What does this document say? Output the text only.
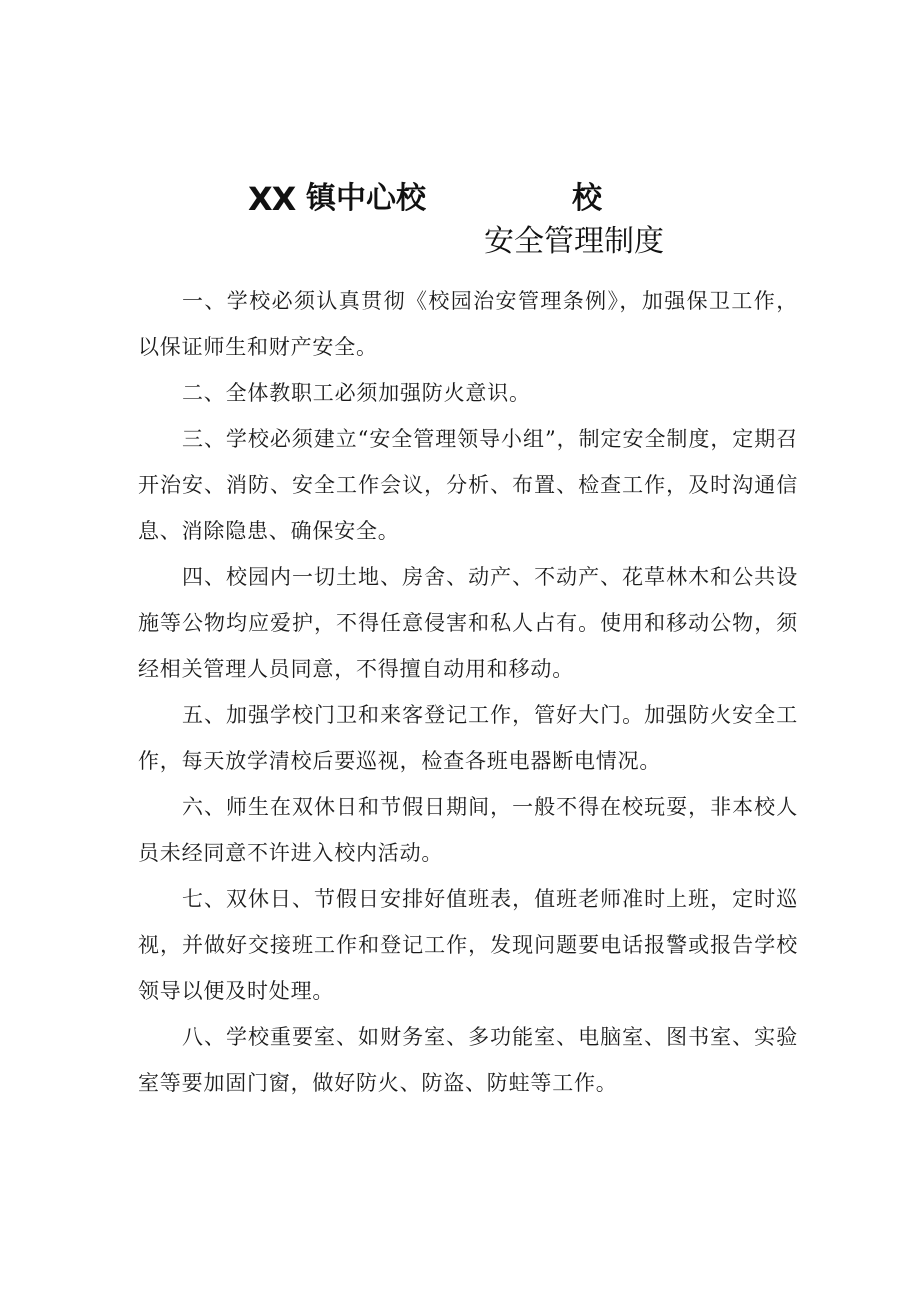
XX 镇中心校	校
安全管理制度

一、学校必须认真贯彻《校园治安管理条例》，加强保卫工作，以保证师生和财产安全。

二、全体教职工必须加强防火意识。

三、学校必须建立“安全管理领导小组”，制定安全制度，定期召开治安、消防、安全工作会议，分析、布置、检查工作，及时沟通信息、消除隐患、确保安全。

四、校园内一切土地、房舍、动产、不动产、花草林木和公共设施等公物均应爱护，不得任意侵害和私人占有。使用和移动公物，须经相关管理人员同意，不得擅自动用和移动。

五、加强学校门卫和来客登记工作，管好大门。加强防火安全工作，每天放学清校后要巡视，检查各班电器断电情况。

六、师生在双休日和节假日期间，一般不得在校玩耍，非本校人员未经同意不许进入校内活动。

七、双休日、节假日安排好值班表，值班老师准时上班，定时巡视，并做好交接班工作和登记工作，发现问题要电话报警或报告学校领导以便及时处理。

八、学校重要室、如财务室、多功能室、电脑室、图书室、实验室等要加固门窗，做好防火、防盗、防蛀等工作。
